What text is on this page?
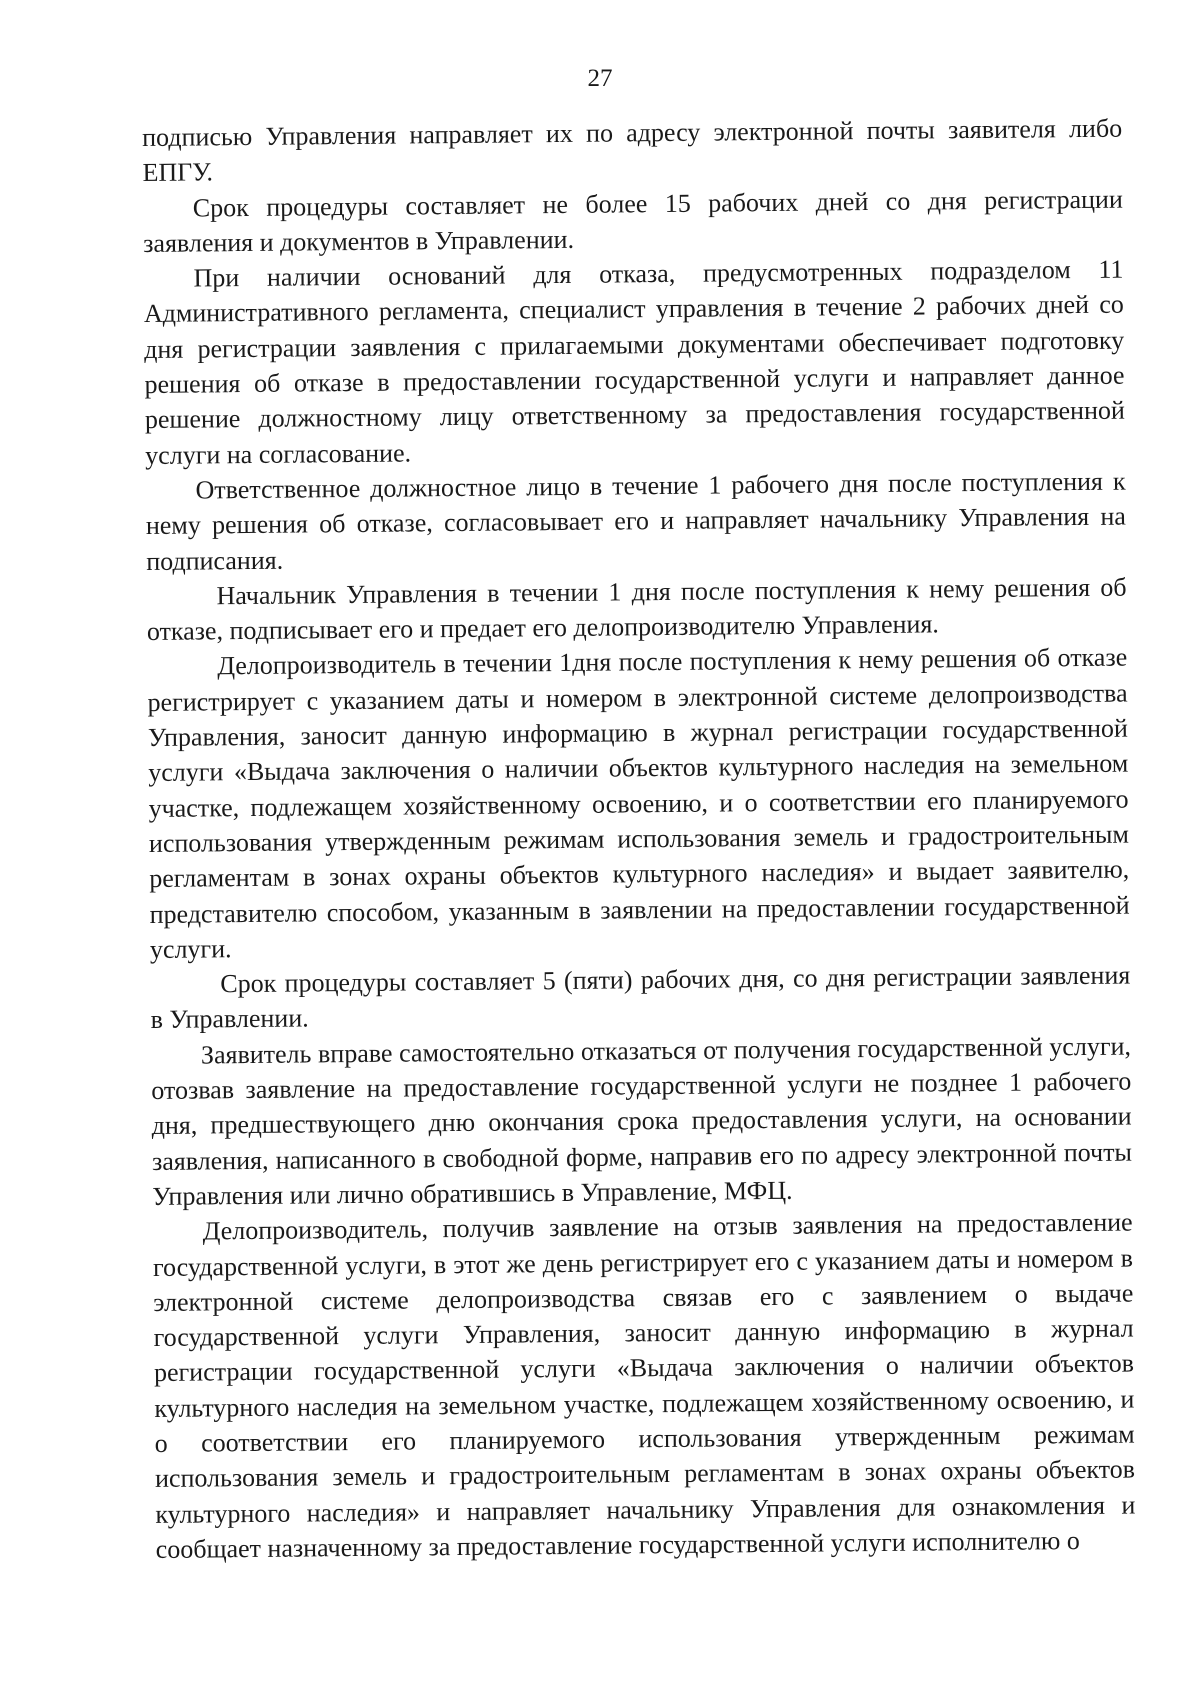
27

подписью Управления направляет их по адресу электронной почты заявителя либо ЕПГУ.

Срок процедуры составляет не более 15 рабочих дней со дня регистрации заявления и документов в Управлении.

При наличии оснований для отказа, предусмотренных подразделом 11 Административного регламента, специалист управления в течение 2 рабочих дней со дня регистрации заявления с прилагаемыми документами обеспечивает подготовку решения об отказе в предоставлении государственной услуги и направляет данное решение должностному лицу ответственному за предоставления государственной услуги на согласование.

Ответственное должностное лицо в течение 1 рабочего дня после поступления к нему решения об отказе, согласовывает его и направляет начальнику Управления на подписания.

Начальник Управления в течении 1 дня после поступления к нему решения об отказе, подписывает его и предает его делопроизводителю Управления.

Делопроизводитель в течении 1дня после поступления к нему решения об отказе регистрирует с указанием даты и номером в электронной системе делопроизводства Управления, заносит данную информацию в журнал регистрации государственной услуги «Выдача заключения о наличии объектов культурного наследия на земельном участке, подлежащем хозяйственному освоению, и о соответствии его планируемого использования утвержденным режимам использования земель и градостроительным регламентам в зонах охраны объектов культурного наследия» и выдает заявителю, представителю способом, указанным в заявлении на предоставлении государственной услуги.

Срок процедуры составляет 5 (пяти) рабочих дня, со дня регистрации заявления в Управлении.

Заявитель вправе самостоятельно отказаться от получения государственной услуги, отозвав заявление на предоставление государственной услуги не позднее 1 рабочего дня, предшествующего дню окончания срока предоставления услуги, на основании заявления, написанного в свободной форме, направив его по адресу электронной почты Управления или лично обратившись в Управление, МФЦ.

Делопроизводитель, получив заявление на отзыв заявления на предоставление государственной услуги, в этот же день регистрирует его с указанием даты и номером в электронной системе делопроизводства связав его с заявлением о выдаче государственной услуги Управления, заносит данную информацию в журнал регистрации государственной услуги «Выдача заключения о наличии объектов культурного наследия на земельном участке, подлежащем хозяйственному освоению, и о соответствии его планируемого использования утвержденным режимам использования земель и градостроительным регламентам в зонах охраны объектов культурного наследия» и направляет начальнику Управления для ознакомления и сообщает назначенному за предоставление государственной услуги исполнителю о
